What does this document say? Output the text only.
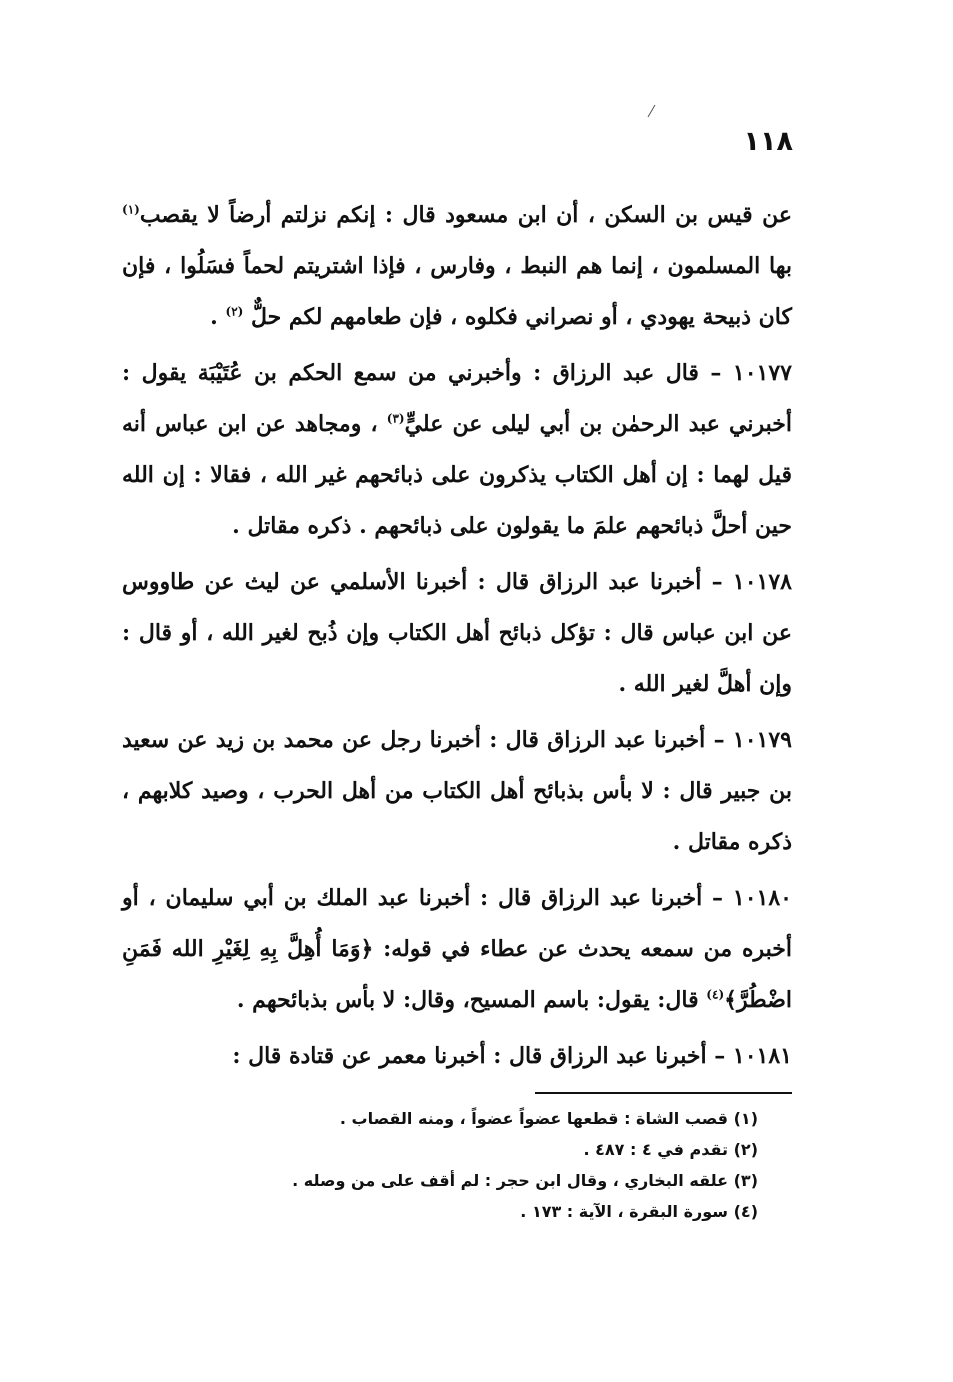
١١٨

عن قيس بن السكن ، أن ابن مسعود قال : إنكم نزلتم أرضاً لا يقصب$^{(١)}$ بها المسلمون ، إنما هم النبط ، وفارس ، فإذا اشتريتم لحماً فسَلُوا ، فإن كان ذبيحة يهودي ، أو نصراني فكلوه ، فإن طعامهم لكم حلٌّ $^{(٢)}$ .

١٠١٧٧ – قال عبد الرزاق : وأخبرني من سمع الحكم بن عُتَيْبَة يقول : أخبرني عبد الرحمٰن بن أبي ليلى عن عليٍّ$^{(٣)}$ ، ومجاهد عن ابن عباس أنه قيل لهما : إن أهل الكتاب يذكرون على ذبائحهم غير الله ، فقالا : إن الله حين أحلَّ ذبائحهم علمَ ما يقولون على ذبائحهم . ذكره مقاتل .

١٠١٧٨ – أخبرنا عبد الرزاق قال : أخبرنا الأسلمي عن ليث عن طاووس عن ابن عباس قال : تؤكل ذبائح أهل الكتاب وإن ذُبح لغير الله ، أو قال : وإن أهلَّ لغير الله .

١٠١٧٩ – أخبرنا عبد الرزاق قال : أخبرنا رجل عن محمد بن زيد عن سعيد بن جبير قال : لا بأس بذبائح أهل الكتاب من أهل الحرب ، وصيد كلابهم ، ذكره مقاتل .

١٠١٨٠ – أخبرنا عبد الرزاق قال : أخبرنا عبد الملك بن أبي سليمان ، أو أخبره من سمعه يحدث عن عطاء في قوله: ﴿وَمَا أُهِلَّ بِهِ لِغَيْرِ الله فَمَنِ اضْطُرَّ﴾$^{(٤)}$ قال: يقول: باسم المسيح، وقال: لا بأس بذبائحهم .

١٠١٨١ – أخبرنا عبد الرزاق قال : أخبرنا معمر عن قتادة قال :

(١) قصب الشاة : قطعها عضواً عضواً ، ومنه القصاب .

(٢) تقدم في ٤ : ٤٨٧ .

(٣) علقه البخاري ، وقال ابن حجر : لم أقف على من وصله .

(٤) سورة البقرة ، الآية : ١٧٣ .
